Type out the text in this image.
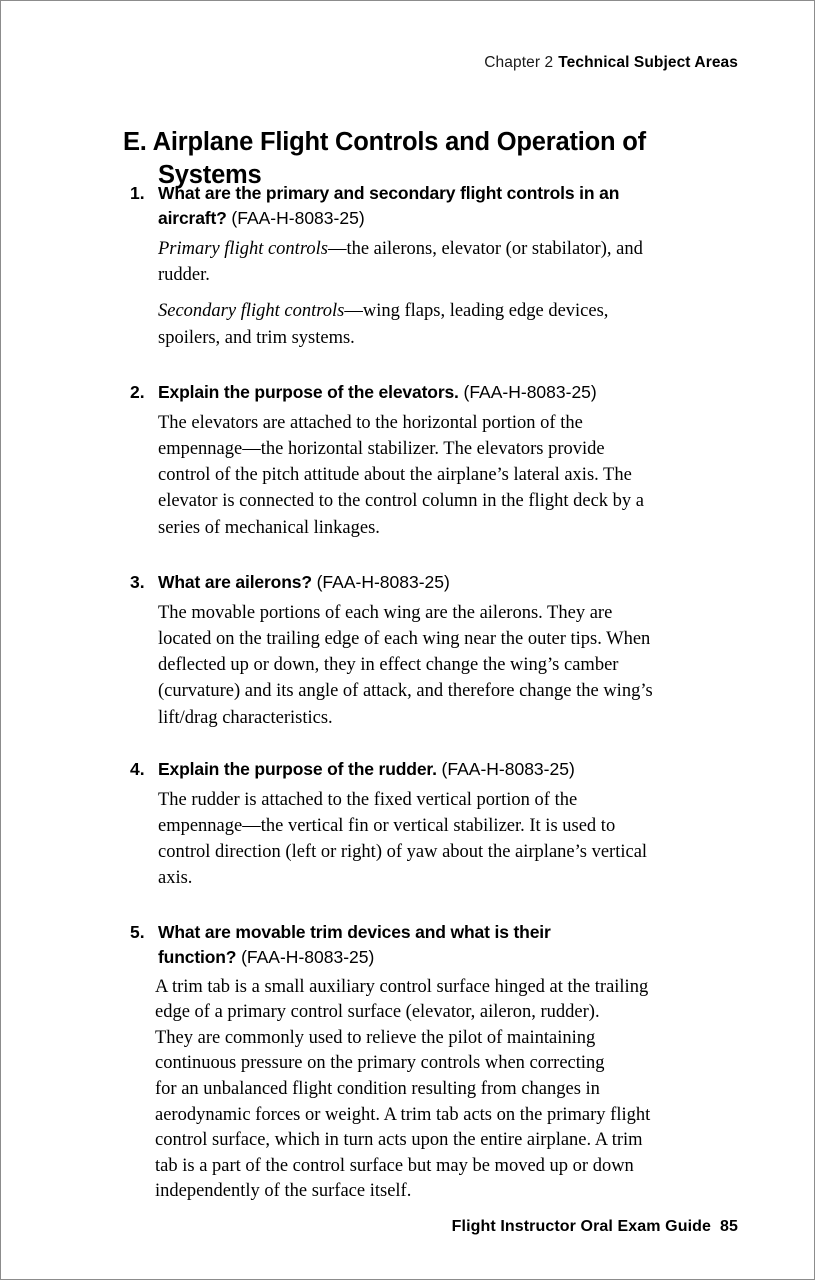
Chapter 2 Technical Subject Areas
E. Airplane Flight Controls and Operation of
Systems
1. What are the primary and secondary flight controls in an
aircraft? (FAA-H-8083-25)

Primary flight controls—the ailerons, elevator (or stabilator), and
rudder.

Secondary flight controls—wing flaps, leading edge devices,
spoilers, and trim systems.

2. Explain the purpose of the elevators. (FAA-H-8083-25)

The elevators are attached to the horizontal portion of the
empennage—the horizontal stabilizer. The elevators provide
control of the pitch attitude about the airplane’s lateral axis. The
elevator is connected to the control column in the flight deck by a
series of mechanical linkages.

3. What are ailerons? (FAA-H-8083-25)

The movable portions of each wing are the ailerons. They are
located on the trailing edge of each wing near the outer tips. When
deflected up or down, they in effect change the wing’s camber
(curvature) and its angle of attack, and therefore change the wing’s
lift/drag characteristics.

4. Explain the purpose of the rudder. (FAA-H-8083-25)

The rudder is attached to the fixed vertical portion of the
empennage—the vertical fin or vertical stabilizer. It is used to
control direction (left or right) of yaw about the airplane’s vertical
axis.

5. What are movable trim devices and what is their
function? (FAA-H-8083-25)

A trim tab is a small auxiliary control surface hinged at the trailing
edge of a primary control surface (elevator, aileron, rudder).
They are commonly used to relieve the pilot of maintaining
continuous pressure on the primary controls when correcting
for an unbalanced flight condition resulting from changes in
aerodynamic forces or weight. A trim tab acts on the primary flight
control surface, which in turn acts upon the entire airplane. A trim
tab is a part of the control surface but may be moved up or down
independently of the surface itself.

Flight Instructor Oral Exam Guide 85
